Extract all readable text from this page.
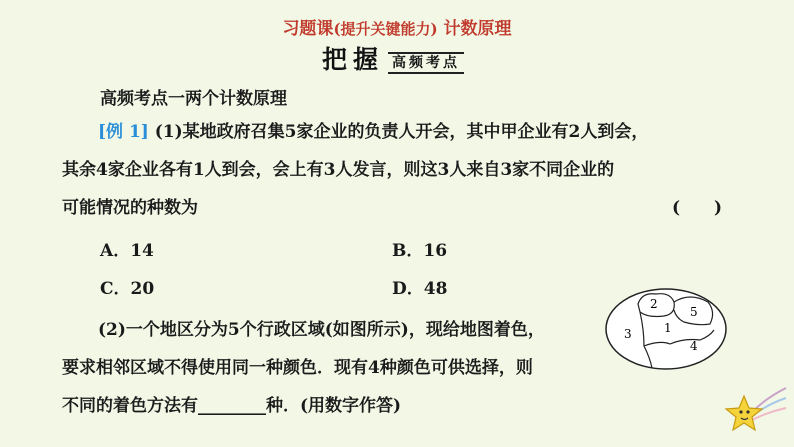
习题课(提升关键能力) 计数原理
把握 高频考点
高频考点一两个计数原理
[例 1] (1)某地政府召集5家企业的负责人开会，其中甲企业有2人到会，
其余4家企业各有1人到会，会上有3人发言，则这3人来自3家不同企业的
可能情况的种数为	(　　)
A．14	B．16
C．20	D．48
(2)一个地区分为5个行政区域(如图所示)，现给地图着色，
要求相邻区域不得使用同一种颜色．现有4种颜色可供选择，则
不同的着色方法有________种．(用数字作答)
2
5
3	1
4
